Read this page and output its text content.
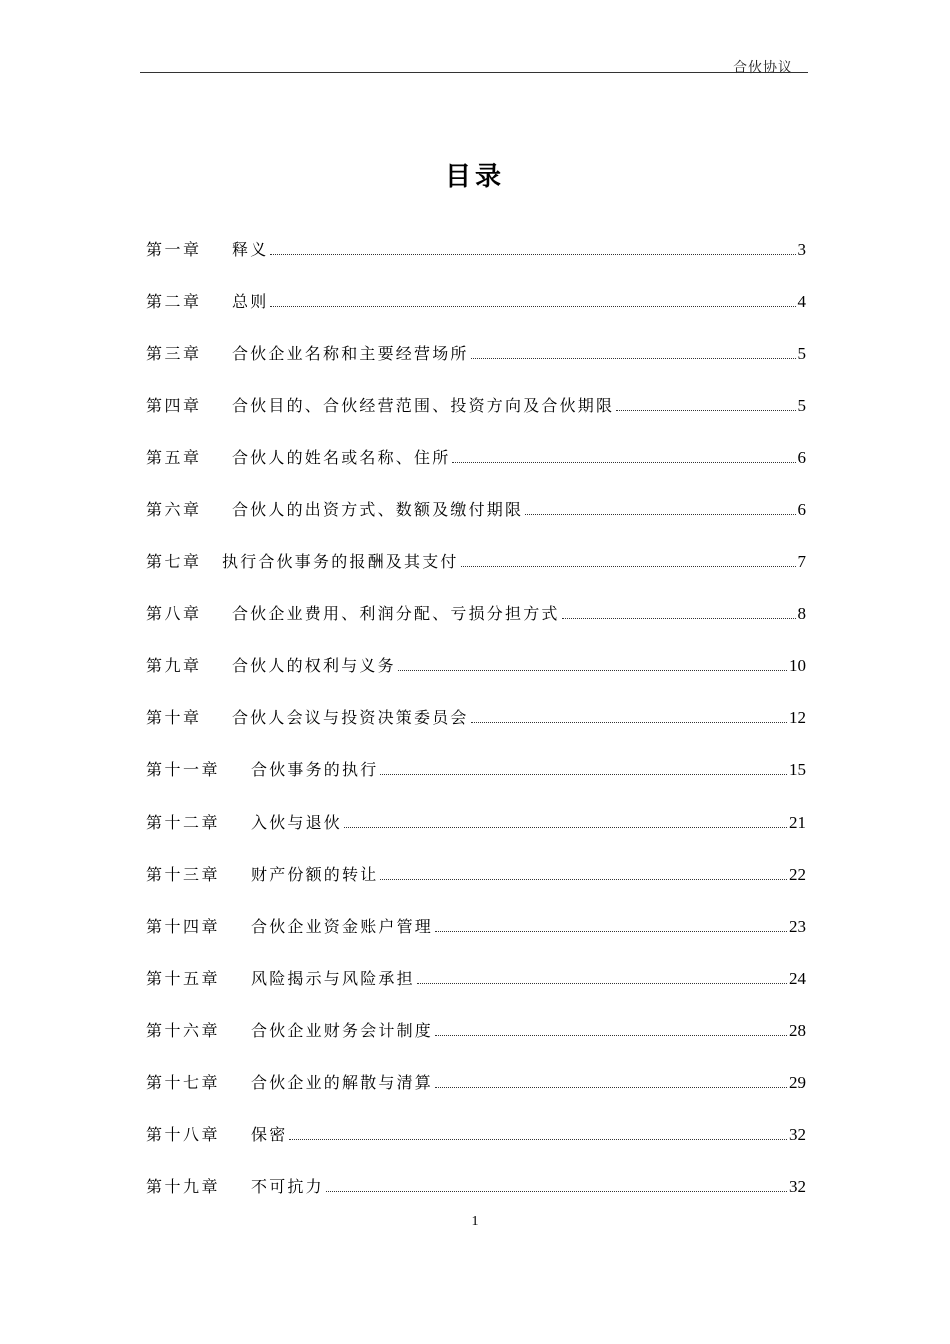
合伙协议
目录
第一章	释义	3
第二章	总则	4
第三章	合伙企业名称和主要经营场所	5
第四章	合伙目的、合伙经营范围、投资方向及合伙期限	5
第五章	合伙人的姓名或名称、住所	6
第六章	合伙人的出资方式、数额及缴付期限	6
第七章	执行合伙事务的报酬及其支付	7
第八章	合伙企业费用、利润分配、亏损分担方式	8
第九章	合伙人的权利与义务	10
第十章	合伙人会议与投资决策委员会	12
第十一章	合伙事务的执行	15
第十二章	入伙与退伙	21
第十三章	财产份额的转让	22
第十四章	合伙企业资金账户管理	23
第十五章	风险揭示与风险承担	24
第十六章	合伙企业财务会计制度	28
第十七章	合伙企业的解散与清算	29
第十八章	保密	32
第十九章	不可抗力	32
1
